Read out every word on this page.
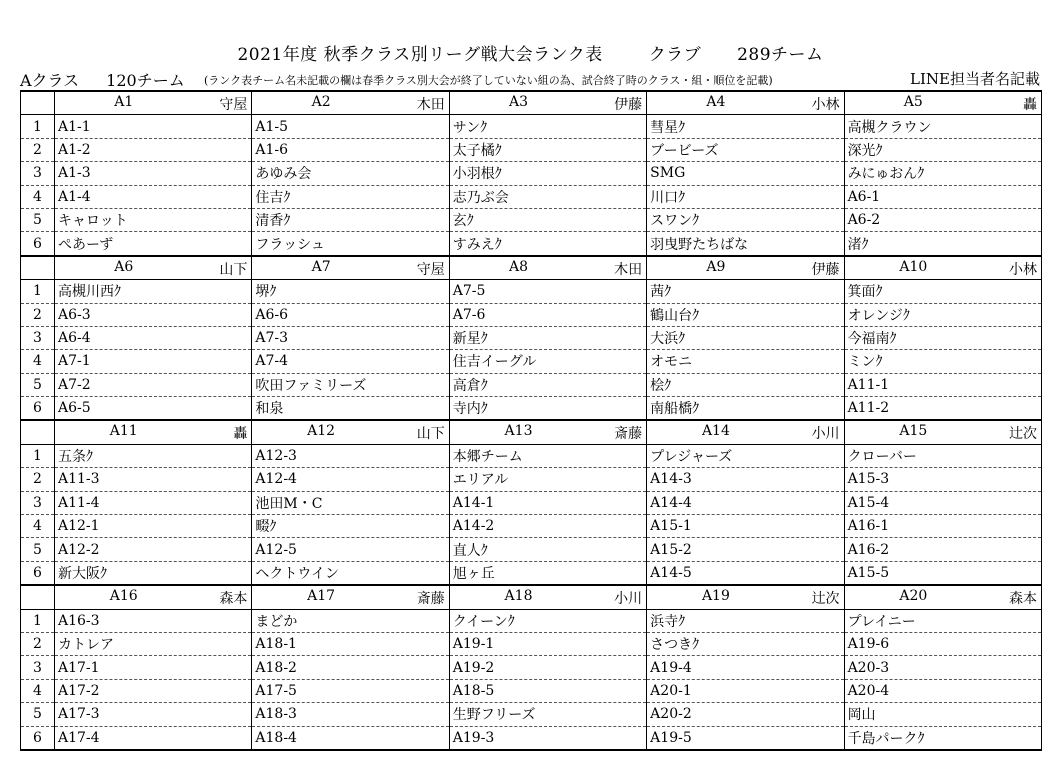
2021年度 秋季クラス別リーグ戦大会ランク表	クラブ 289チーム
Aクラス 120チーム (ランク表チーム名未記載の欄は春季クラス別大会が終了していない組の為、試合終了時のクラス・組・順位を記載)	LINE担当者名記載

	A1 守屋	A2 木田	A3 伊藤	A4 小林	A5 轟

1	A1-1	A1-5	サンｸ	彗星ｸ	高槻クラウン
2	A1-2	A1-6	太子橘ｸ	ブービーズ	深光ｸ
3	A1-3	あゆみ会	小羽根ｸ	SMG	みにゅおんｸ
4	A1-4	住吉ｸ	志乃ぶ会	川口ｸ	A6-1
5	キャロット	清香ｸ	玄ｸ	スワンｸ	A6-2
6	ぺあーず	フラッシュ	すみえｸ	羽曳野たちばな	渚ｸ

	A6 山下	A7 守屋	A8 木田	A9 伊藤	A10 小林

1	高槻川西ｸ	堺ｸ	A7-5	茜ｸ	箕面ｸ
2	A6-3	A6-6	A7-6	鶴山台ｸ	オレンジｸ
3	A6-4	A7-3	新星ｸ	大浜ｸ	今福南ｸ
4	A7-1	A7-4	住吉イーグル	オモニ	ミンｸ
5	A7-2	吹田ファミリーズ	高倉ｸ	桧ｸ	A11-1
6	A6-5	和泉	寺内ｸ	南船橋ｸ	A11-2

	A11 轟	A12 山下	A13 斎藤	A14 小川	A15 辻次

1	五条ｸ	A12-3	本郷チーム	プレジャーズ	クローバー
2	A11-3	A12-4	エリアル	A14-3	A15-3
3	A11-4	池田M・C	A14-1	A14-4	A15-4
4	A12-1	畷ｸ	A14-2	A15-1	A16-1
5	A12-2	A12-5	直人ｸ	A15-2	A16-2
6	新大阪ｸ	ヘクトウイン	旭ヶ丘	A14-5	A15-5

	A16 森本	A17 斎藤	A18 小川	A19 辻次	A20 森本

1	A16-3	まどか	クイーンｸ	浜寺ｸ	プレイニー
2	カトレア	A18-1	A19-1	さつきｸ	A19-6
3	A17-1	A18-2	A19-2	A19-4	A20-3
4	A17-2	A17-5	A18-5	A20-1	A20-4
5	A17-3	A18-3	生野フリーズ	A20-2	岡山
6	A17-4	A18-4	A19-3	A19-5	千島パークｸ
